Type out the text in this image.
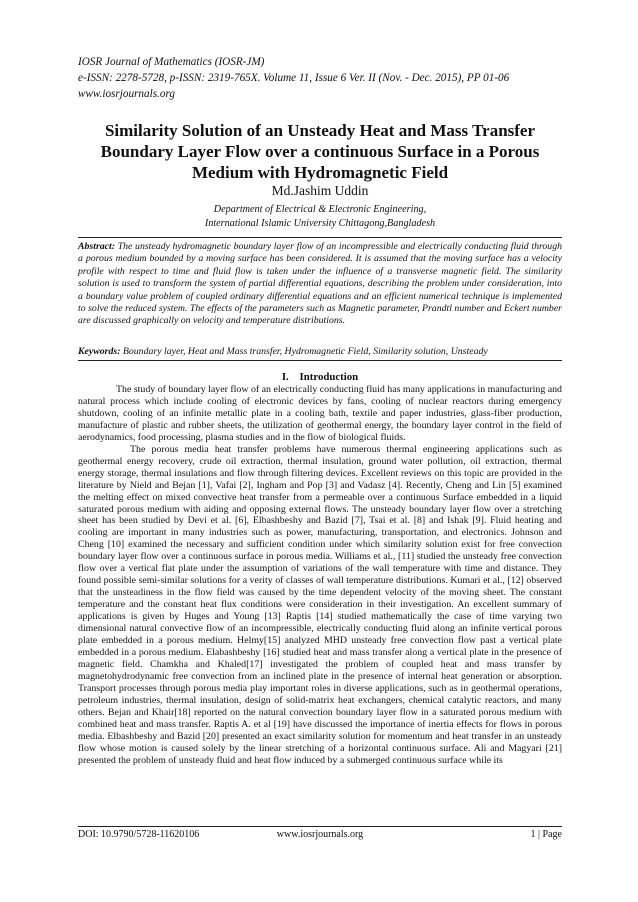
IOSR Journal of Mathematics (IOSR-JM)
e-ISSN: 2278-5728, p-ISSN: 2319-765X. Volume 11, Issue 6 Ver. II (Nov. - Dec. 2015), PP 01-06
www.iosrjournals.org
Similarity Solution of an Unsteady Heat and Mass Transfer Boundary Layer Flow over a continuous Surface in a Porous Medium with Hydromagnetic Field
Md.Jashim Uddin
Department of Electrical & Electronic Engineering,
International Islamic University Chittagong,Bangladesh
Abstract: The unsteady hydromagnetic boundary layer flow of an incompressible and electrically conducting fluid through a porous medium bounded by a moving surface has been considered. It is assumed that the moving surface has a velocity profile with respect to time and fluid flow is taken under the influence of a transverse magnetic field. The similarity solution is used to transform the system of partial differential equations, describing the problem under consideration, into a boundary value problem of coupled ordinary differential equations and an efficient numerical technique is implemented to solve the reduced system. The effects of the parameters such as Magnetic parameter, Prandtl number and Eckert number are discussed graphically on velocity and temperature distributions.
Keywords: Boundary layer, Heat and Mass transfer, Hydromagnetic Field, Similarity solution, Unsteady
I.    Introduction

The study of boundary layer flow of an electrically conducting fluid has many applications in manufacturing and natural process which include cooling of electronic devices by fans, cooling of nuclear reactors during emergency shutdown, cooling of an infinite metallic plate in a cooling bath, textile and paper industries, glass-fiber production, manufacture of plastic and rubber sheets, the utilization of geothermal energy, the boundary layer control in the field of aerodynamics, food processing, plasma studies and in the flow of biological fluids.

The porous media heat transfer problems have numerous thermal engineering applications such as geothermal energy recovery, crude oil extraction, thermal insulation, ground water pollution, oil extraction, thermal energy storage, thermal insulations and flow through filtering devices. Excellent reviews on this topic are provided in the literature by Nield and Bejan [1], Vafai [2], Ingham and Pop [3] and Vadasz [4]. Recently, Cheng and Lin [5] examined the melting effect on mixed convective heat transfer from a permeable over a continuous Surface embedded in a liquid saturated porous medium with aiding and opposing external flows. The unsteady boundary layer flow over a stretching sheet has been studied by Devi et al. [6], Elbashbeshy and Bazid [7], Tsai et al. [8] and Ishak [9]. Fluid heating and cooling are important in many industries such as power, manufacturing, transportation, and electronics. Johnson and Cheng [10] examined the necessary and sufficient condition under which similarity solution exist for free convection boundary layer flow over a continuous surface in porous media. Williams et al., [11] studied the unsteady free convection flow over a vertical flat plate under the assumption of variations of the wall temperature with time and distance. They found possible semi-similar solutions for a verity of classes of wall temperature distributions. Kumari et al., [12] observed that the unsteadiness in the flow field was caused by the time dependent velocity of the moving sheet. The constant temperature and the constant heat flux conditions were consideration in their investigation. An excellent summary of applications is given by Huges and Young [13] Raptis [14] studied mathematically the case of time varying two dimensional natural convective flow of an incompressible, electrically conducting fluid along an infinite vertical porous plate embedded in a porous medium. Helmy[15] analyzed MHD unsteady free convection flow past a vertical plate embedded in a porous medium. Elabashbeshy [16] studied heat and mass transfer along a vertical plate in the presence of magnetic field. Chamkha and Khaled[17] investigated the problem of coupled heat and mass transfer by magnetohydrodynamic free convection from an inclined plate in the presence of internal heat generation or absorption. Transport processes through porous media play important roles in diverse applications, such as in geothermal operations, petroleum industries, thermal insulation, design of solid-matrix heat exchangers, chemical catalytic reactors, and many others. Bejan and Khair[18] reported on the natural convection boundary layer flow in a saturated porous medium with combined heat and mass transfer. Raptis A. et al [19] have discussed the importance of inertia effects for flows in porous media. Elbashbeshy and Bazid [20] presented an exact similarity solution for momentum and heat transfer in an unsteady flow whose motion is caused solely by the linear stretching of a horizontal continuous surface. Ali and Magyari [21] presented the problem of unsteady fluid and heat flow induced by a submerged continuous surface while its

DOI: 10.9790/5728-11620106	www.iosrjournals.org	1 | Page
